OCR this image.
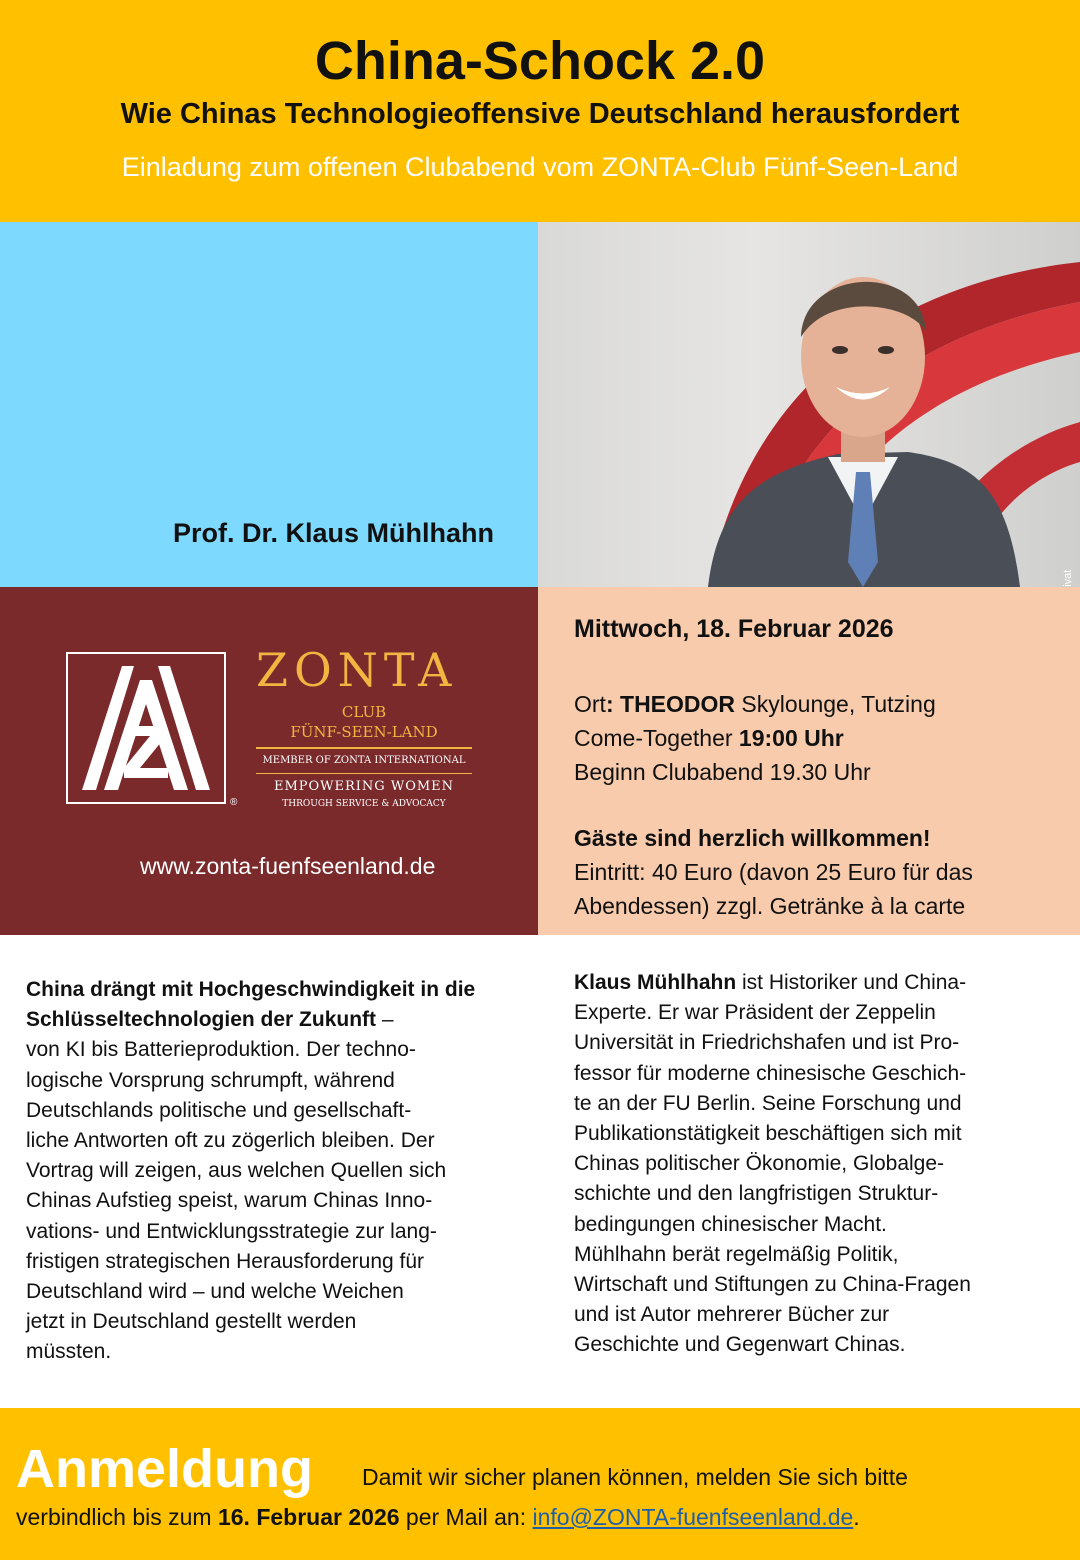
China-Schock 2.0
Wie Chinas Technologieoffensive Deutschland herausfordert
Einladung zum offenen Clubabend vom ZONTA-Club Fünf-Seen-Land
Prof. Dr. Klaus Mühlhahn
®
ZONTA
CLUB
FÜNF-SEEN-LAND
MEMBER OF ZONTA INTERNATIONAL
EMPOWERING WOMEN
THROUGH SERVICE & ADVOCACY
www.zonta-fuenfseenland.de
Mittwoch, 18. Februar 2026
Ort: THEODOR Skylounge, Tutzing
Come-Together 19:00 Uhr
Beginn Clubabend 19.30 Uhr
Gäste sind herzlich willkommen!
Eintritt: 40 Euro (davon 25 Euro für das
Abendessen) zzgl. Getränke à la carte
China drängt mit Hochgeschwindigkeit in die Schlüsseltechnologien der Zukunft –
von KI bis Batterieproduktion. Der techno-
logische Vorsprung schrumpft, während
Deutschlands politische und gesellschaft-
liche Antworten oft zu zögerlich bleiben. Der
Vortrag will zeigen, aus welchen Quellen sich
Chinas Aufstieg speist, warum Chinas Inno-
vations- und Entwicklungsstrategie zur lang-
fristigen strategischen Herausforderung für
Deutschland wird – und welche Weichen
jetzt in Deutschland gestellt werden
müssten.
Klaus Mühlhahn ist Historiker und China-
Experte. Er war Präsident der Zeppelin
Universität in Friedrichshafen und ist Pro-
fessor für moderne chinesische Geschich-
te an der FU Berlin. Seine Forschung und
Publikationstätigkeit beschäftigen sich mit
Chinas politischer Ökonomie, Globalge-
schichte und den langfristigen Struktur-
bedingungen chinesischer Macht.
Mühlhahn berät regelmäßig Politik,
Wirtschaft und Stiftungen zu China-Fragen
und ist Autor mehrerer Bücher zur
Geschichte und Gegenwart Chinas.
Anmeldung Damit wir sicher planen können, melden Sie sich bitte
verbindlich bis zum 16. Februar 2026 per Mail an: info@ZONTA-fuenfseenland.de.
